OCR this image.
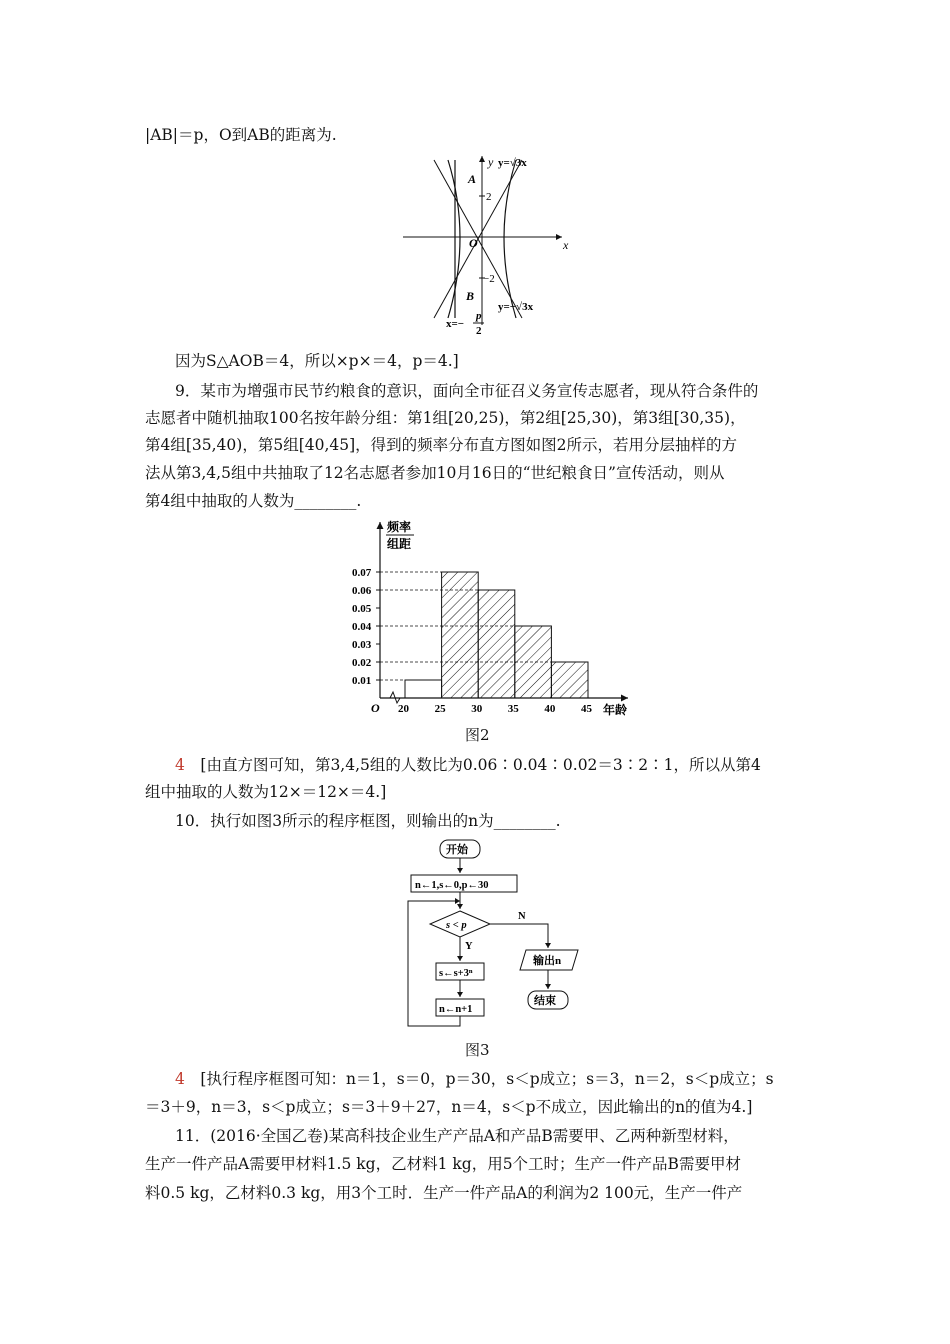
|AB|＝p，O到AB的距离为.
y
x
O
y=√3x
y=−√3x
2
−2
A
B
x=−
p
2
因为S△AOB＝4，所以×p×＝4，p＝4.]
9．某市为增强市民节约粮食的意识，面向全市征召义务宣传志愿者，现从符合条件的
志愿者中随机抽取100名按年龄分组：第1组[20,25)，第2组[25,30)，第3组[30,35)，
第4组[35,40)，第5组[40,45]，得到的频率分布直方图如图2所示，若用分层抽样的方
法从第3,4,5组中共抽取了12名志愿者参加10月16日的“世纪粮食日”宣传活动，则从
第4组中抽取的人数为________.
0.01
0.02
0.03
0.04
0.05
0.06
0.07
20 25 30 35 40 45
O	年龄
频率
组距
图2
4　 [由直方图可知，第3,4,5组的人数比为0.06∶0.04∶0.02＝3∶2∶1，所以从第4
组中抽取的人数为12×＝12×＝4.]
10．执行如图3所示的程序框图，则输出的n为________.
开始
n←1,s←0,p←30
s < p
N
Y
s←s+3ⁿ
n←n+1
输出n
结束
图3
4　 [执行程序框图可知：n＝1，s＝0，p＝30，s＜p成立；s＝3，n＝2，s＜p成立；s
＝3＋9，n＝3，s＜p成立；s＝3＋9＋27，n＝4，s＜p不成立，因此输出的n的值为4.]
11．(2016·全国乙卷)某高科技企业生产产品A和产品B需要甲、乙两种新型材料，
生产一件产品A需要甲材料1.5 kg，乙材料1 kg，用5个工时；生产一件产品B需要甲材
料0.5 kg，乙材料0.3 kg，用3个工时．生产一件产品A的利润为2 100元，生产一件产
